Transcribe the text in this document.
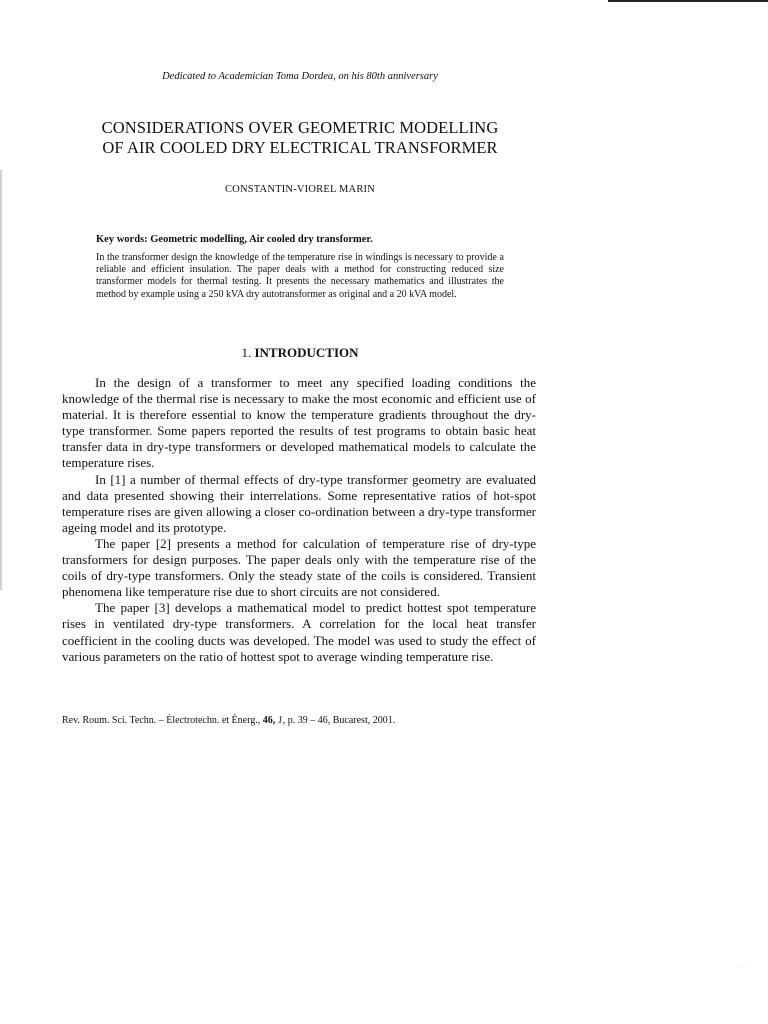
Dedicated to Academician Toma Dordea, on his 80th anniversary
CONSIDERATIONS OVER GEOMETRIC MODELLING
OF AIR COOLED DRY ELECTRICAL TRANSFORMER
CONSTANTIN-VIOREL MARIN
Key words: Geometric modelling, Air cooled dry transformer.
In the transformer design the knowledge of the temperature rise in windings is necessary to provide a reliable and efficient insulation. The paper deals with a method for constructing reduced size transformer models for thermal testing. It presents the necessary mathematics and illustrates the method by example using a 250 kVA dry autotransformer as original and a 20 kVA model.
1. INTRODUCTION

In the design of a transformer to meet any specified loading conditions the knowledge of the thermal rise is necessary to make the most economic and efficient use of material. It is therefore essential to know the temperature gradients throughout the dry-type transformer. Some papers reported the results of test programs to obtain basic heat transfer data in dry-type transformers or developed mathematical models to calculate the temperature rises.

In [1] a number of thermal effects of dry-type transformer geometry are evaluated and data presented showing their interrelations. Some representative ratios of hot-spot temperature rises are given allowing a closer co-ordination between a dry-type transformer ageing model and its prototype.

The paper [2] presents a method for calculation of temperature rise of dry-type transformers for design purposes. The paper deals only with the temperature rise of the coils of dry-type transformers. Only the steady state of the coils is considered. Transient phenomena like temperature rise due to short circuits are not considered.

The paper [3] develops a mathematical model to predict hottest spot temperature rises in ventilated dry-type transformers. A correlation for the local heat transfer coefficient in the cooling ducts was developed. The model was used to study the effect of various parameters on the ratio of hottest spot to average winding temperature rise.

Rev. Roum. Sci. Techn. – Électrotechn. et Énerg., 46, 1, p. 39 – 46, Bucarest, 2001.
· ·
